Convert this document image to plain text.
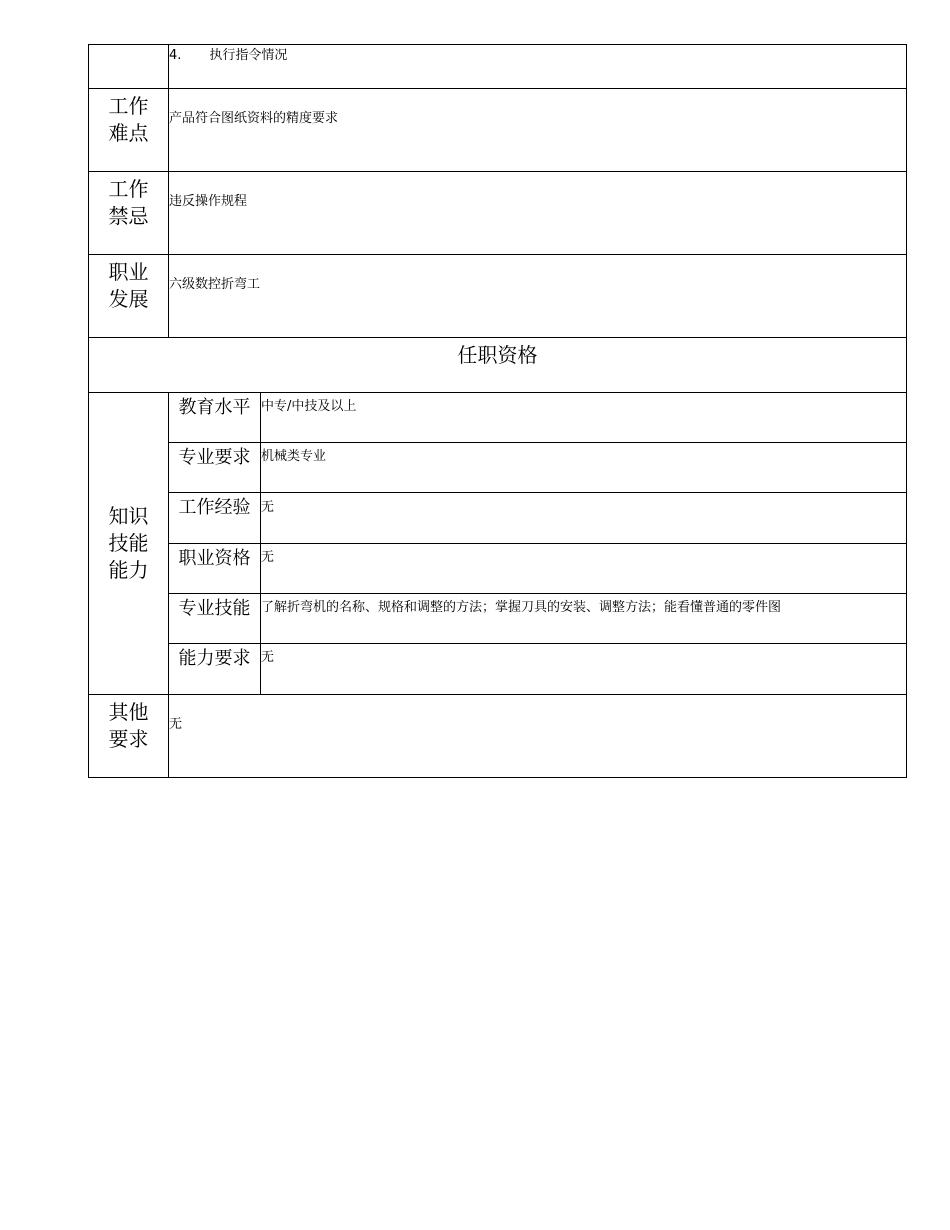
4. 执行指令情况
工作难点
产品符合图纸资料的精度要求
工作禁忌
违反操作规程
职业发展
六级数控折弯工
任职资格
知识技能能力
教育水平 中专/中技及以上
专业要求 机械类专业
工作经验 无
职业资格 无
专业技能 了解折弯机的名称、规格和调整的方法；掌握刀具的安装、调整方法；能看懂普通的零件图
能力要求 无
其他要求
无
